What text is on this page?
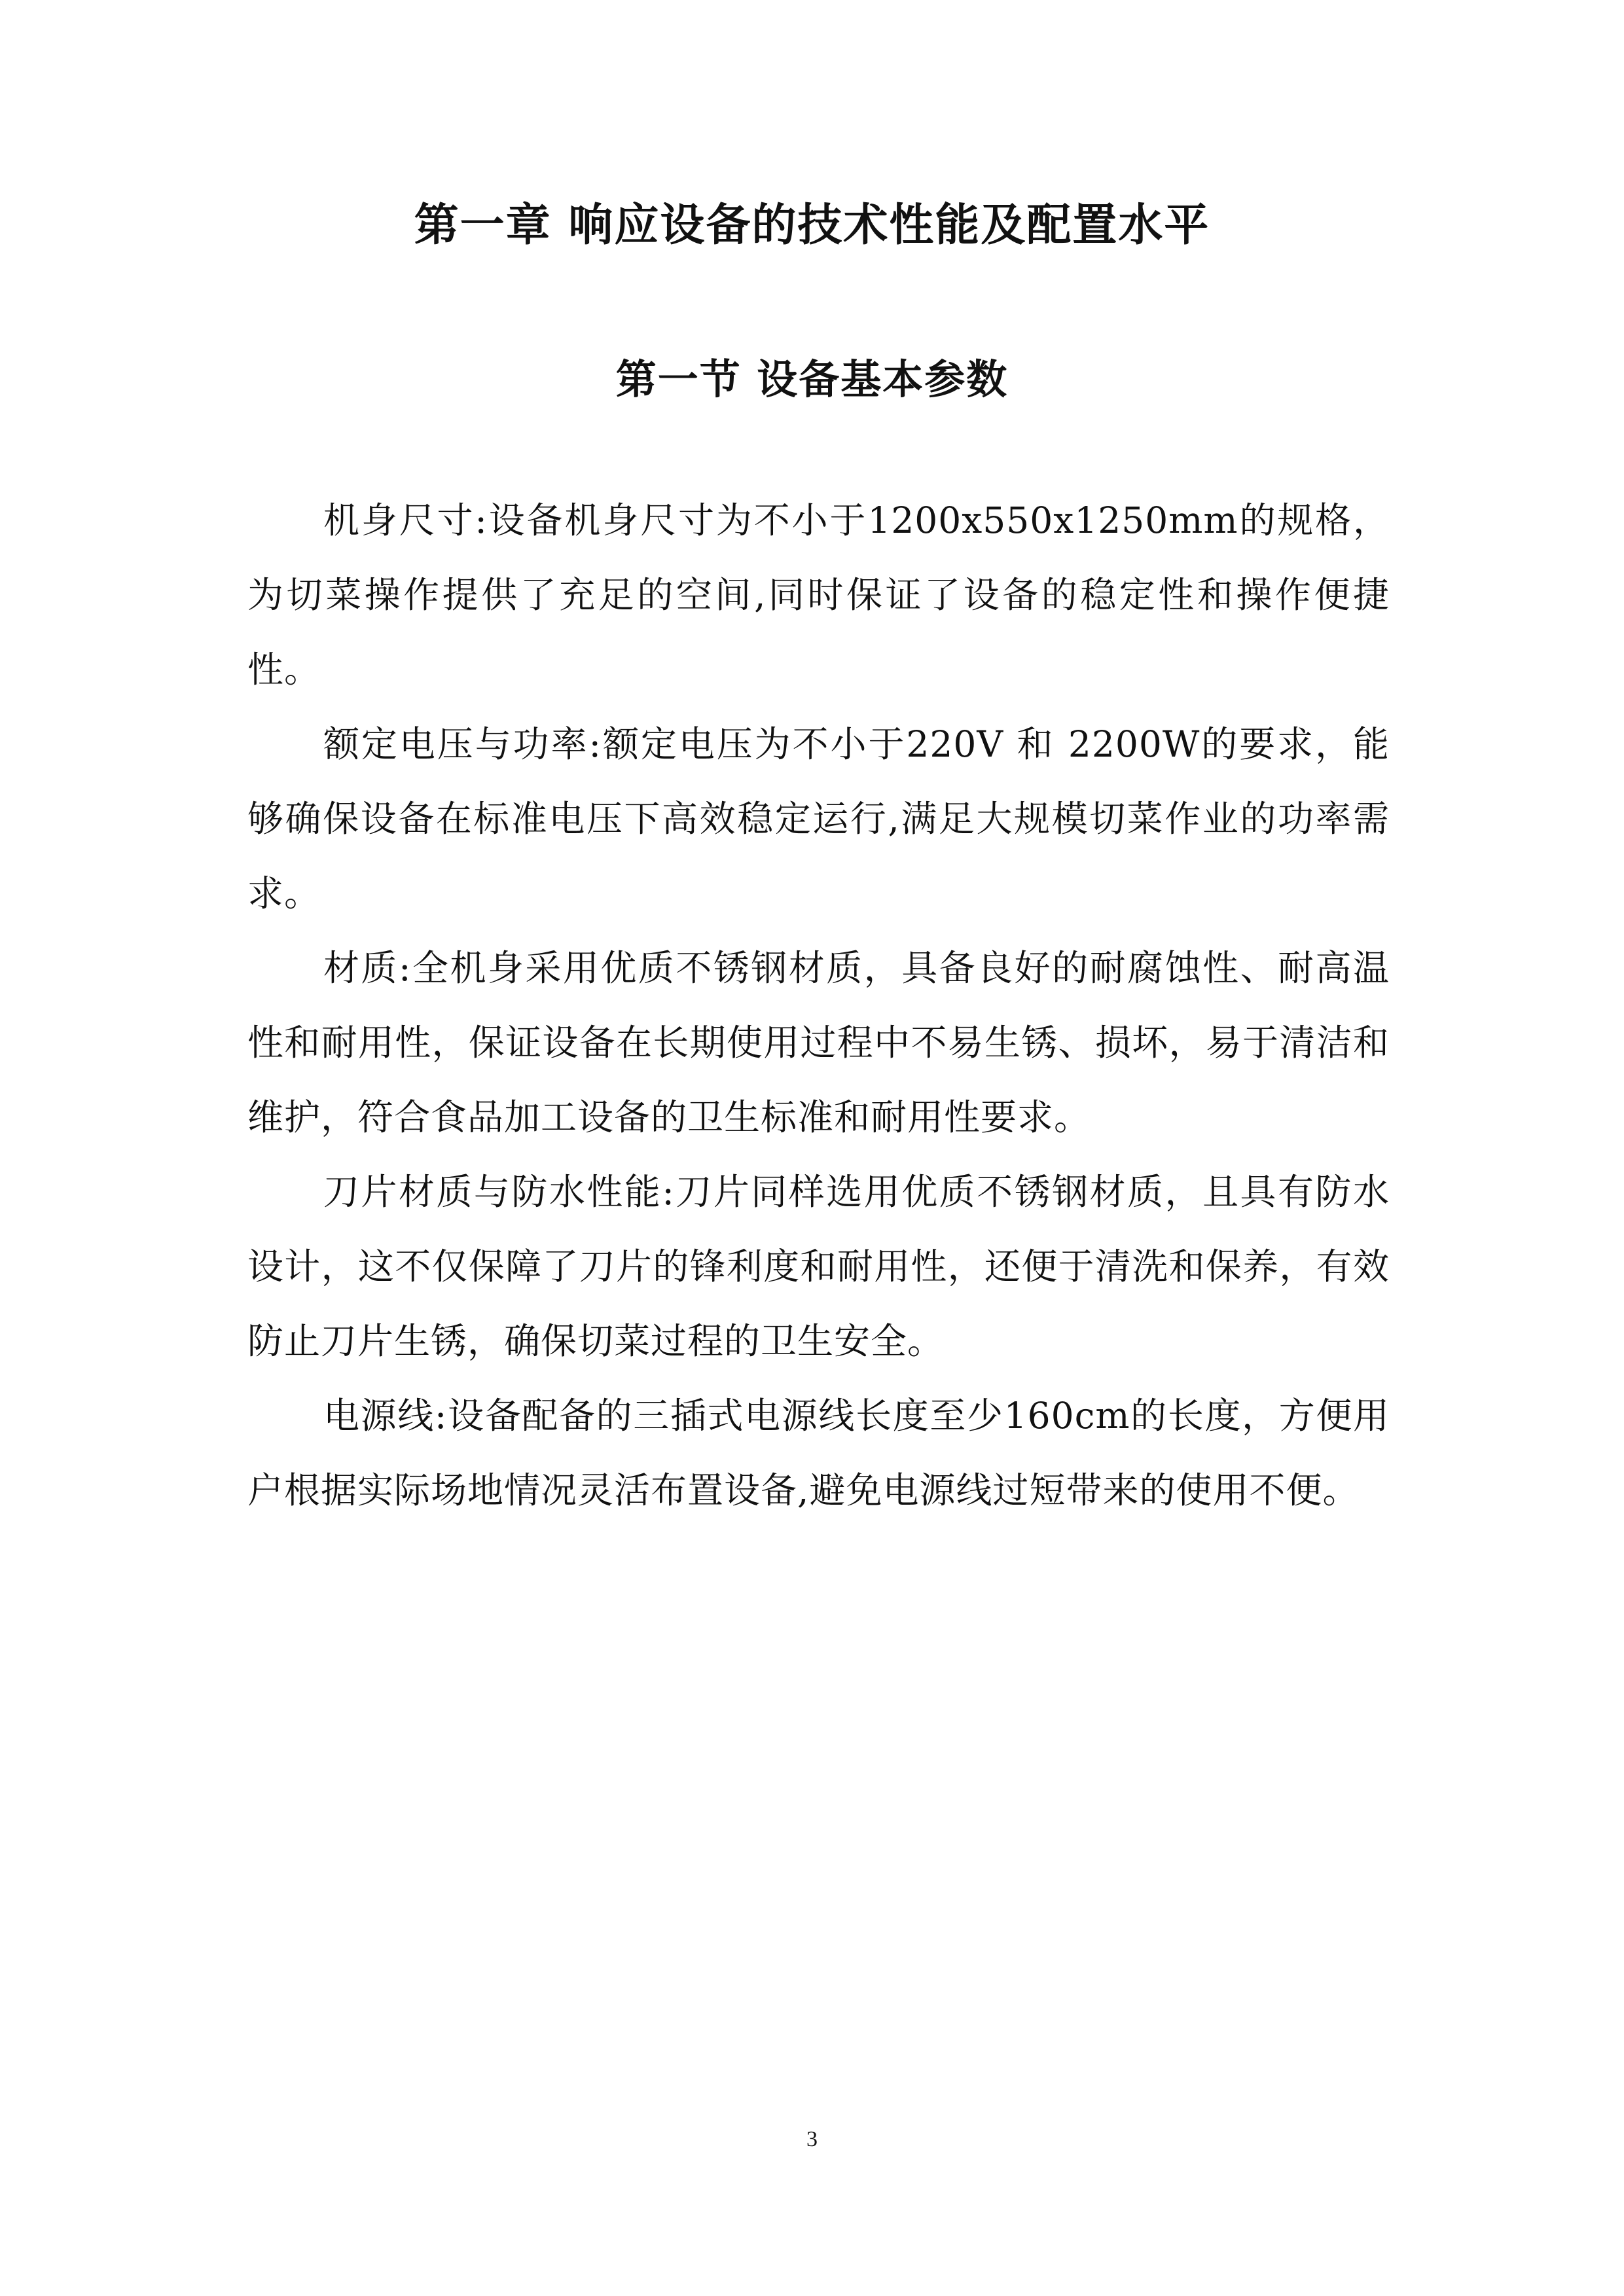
第一章 响应设备的技术性能及配置水平
第一节 设备基本参数

机身尺寸:设备机身尺寸为不小于1200x550x1250mm的规格，为切菜操作提供了充足的空间,同时保证了设备的稳定性和操作便捷性。

额定电压与功率:额定电压为不小于220V 和 2200W的要求，能够确保设备在标准电压下高效稳定运行,满足大规模切菜作业的功率需求。

材质:全机身采用优质不锈钢材质，具备良好的耐腐蚀性、耐高温性和耐用性，保证设备在长期使用过程中不易生锈、损坏，易于清洁和维护，符合食品加工设备的卫生标准和耐用性要求。

刀片材质与防水性能:刀片同样选用优质不锈钢材质，且具有防水设计，这不仅保障了刀片的锋利度和耐用性，还便于清洗和保养，有效防止刀片生锈，确保切菜过程的卫生安全。

电源线:设备配备的三插式电源线长度至少160cm的长度，方便用户根据实际场地情况灵活布置设备,避免电源线过短带来的使用不便。

3
